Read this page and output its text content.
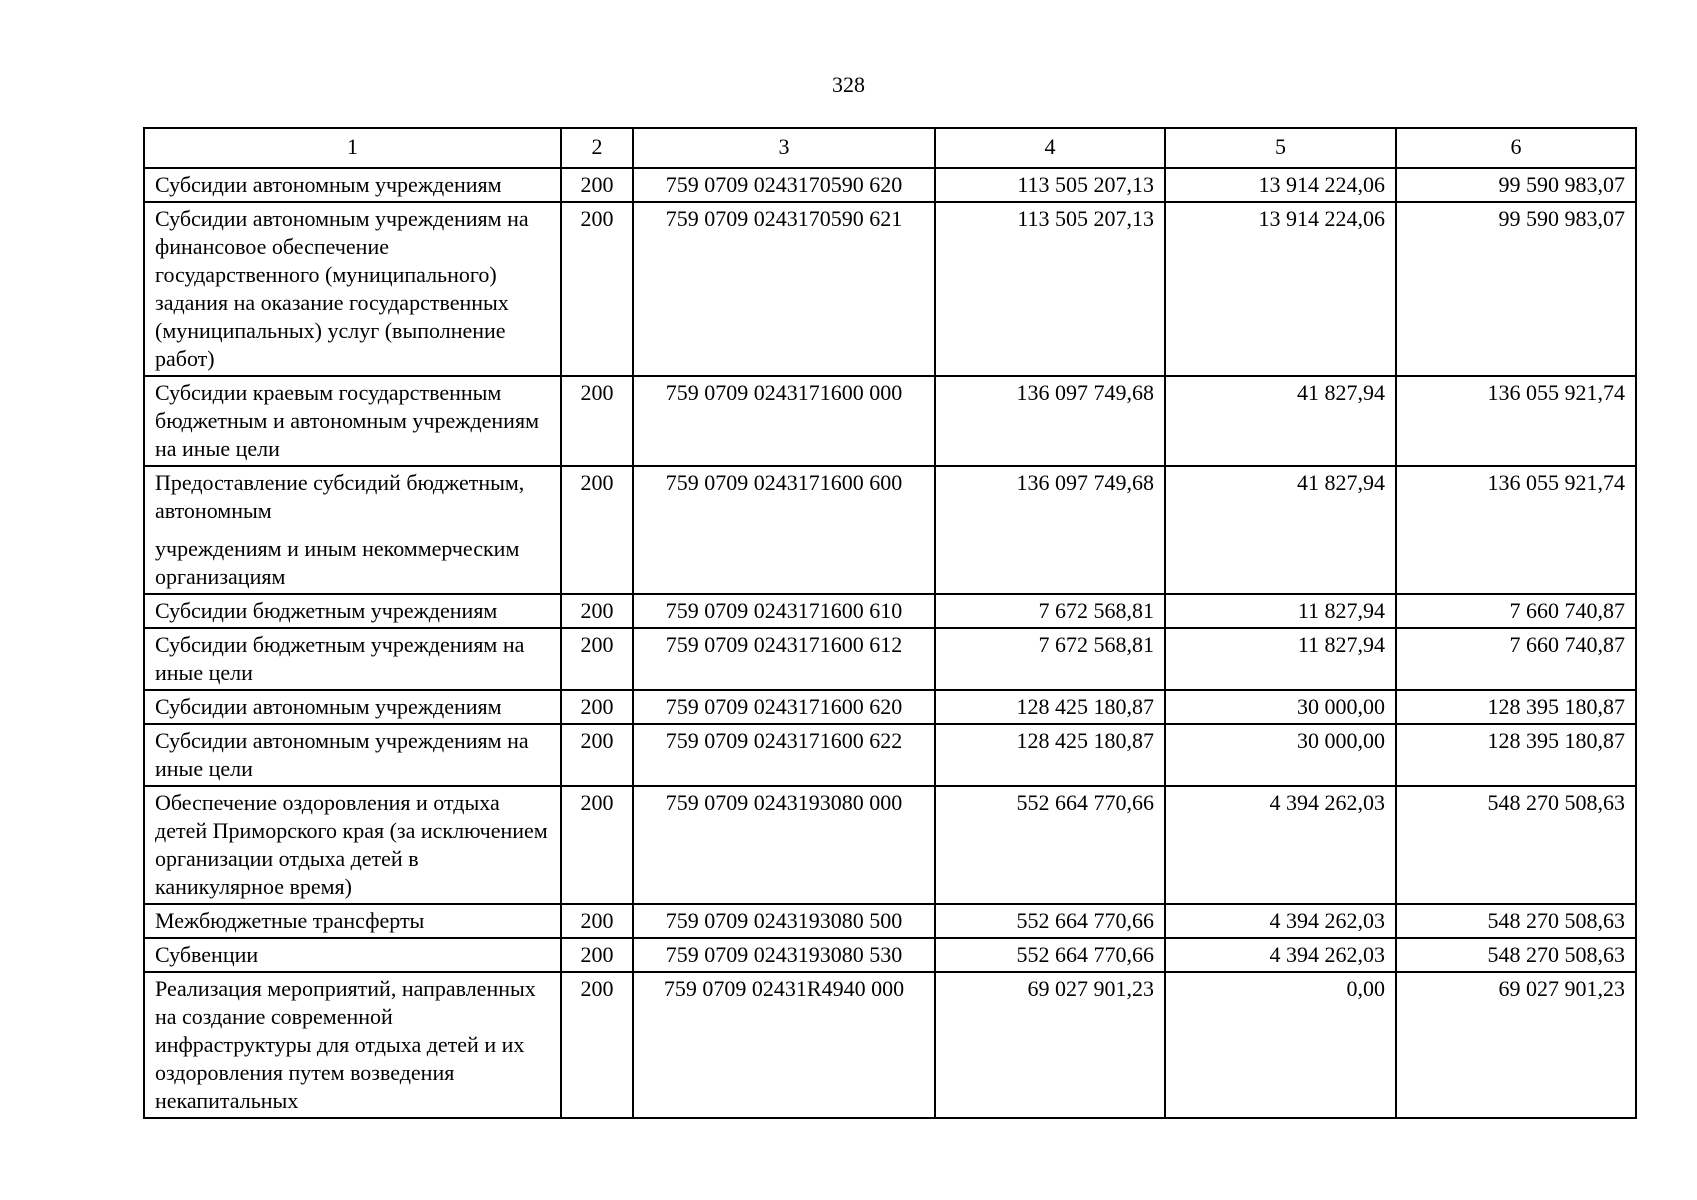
328
1	2	3	4	5	6
Субсидии автономным учреждениям	200	759 0709 0243170590 620	113 505 207,13	13 914 224,06	99 590 983,07
Субсидии автономным учреждениям на финансовое обеспечение государственного (муниципального) задания на оказание государственных (муниципальных) услуг (выполнение работ)	200	759 0709 0243170590 621	113 505 207,13	13 914 224,06	99 590 983,07
Субсидии краевым государственным бюджетным и автономным учреждениям на иные цели	200	759 0709 0243171600 000	136 097 749,68	41 827,94	136 055 921,74
Предоставление субсидий бюджетным, автономным
учреждениям и иным некоммерческим организациям	200	759 0709 0243171600 600	136 097 749,68	41 827,94	136 055 921,74
Субсидии бюджетным учреждениям	200	759 0709 0243171600 610	7 672 568,81	11 827,94	7 660 740,87
Субсидии бюджетным учреждениям на иные цели	200	759 0709 0243171600 612	7 672 568,81	11 827,94	7 660 740,87
Субсидии автономным учреждениям	200	759 0709 0243171600 620	128 425 180,87	30 000,00	128 395 180,87
Субсидии автономным учреждениям на иные цели	200	759 0709 0243171600 622	128 425 180,87	30 000,00	128 395 180,87
Обеспечение оздоровления и отдыха детей Приморского края (за исключением организации отдыха детей в каникулярное время)	200	759 0709 0243193080 000	552 664 770,66	4 394 262,03	548 270 508,63
Межбюджетные трансферты	200	759 0709 0243193080 500	552 664 770,66	4 394 262,03	548 270 508,63
Субвенции	200	759 0709 0243193080 530	552 664 770,66	4 394 262,03	548 270 508,63
Реализация мероприятий, направленных на создание современной инфраструктуры для отдыха детей и их оздоровления путем возведения некапитальных	200	759 0709 02431R4940 000	69 027 901,23	0,00	69 027 901,23
